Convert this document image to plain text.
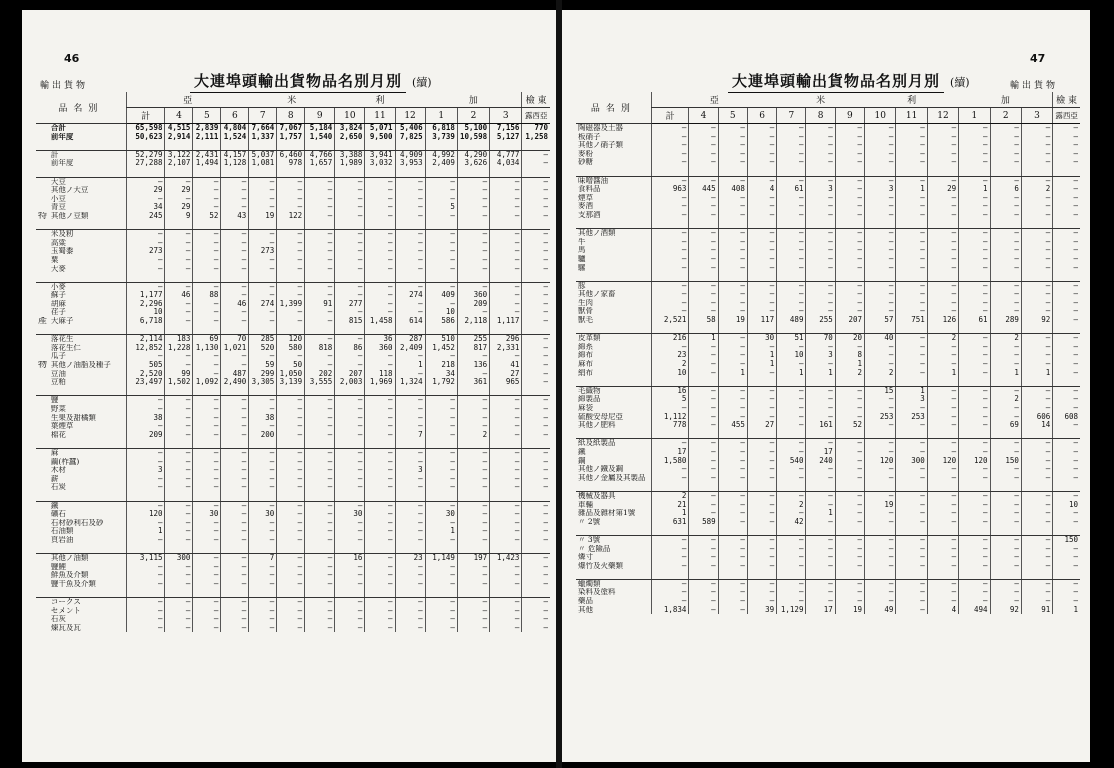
46
輸出貨物	大連埠頭輸出貨物品名別月別 (續)
品名別		亞				米			利			加			檢 東
		計	4	5	6	7	8	9	10	11	12	1	2	3	露西亞
	合計	65,598	4,515	2,839	4,804	7,664	7,067	5,184	3,824	5,071	5,406	6,818	5,100	7,156	770
	前年度	50,623	2,914	2,111	1,524	1,337	1,757	1,540	2,650	9,500	7,825	3,739	10,598	5,127	1,258

	計	52,279	3,122	2,431	4,157	5,037	6,460	4,766	3,388	3,941	4,909	4,992	4,290	4,777	—
	前年度	27,288	2,107	1,494	1,128	1,081	978	1,657	1,989	3,032	3,953	2,409	3,626	4,034	—

	大豆	—	—	—	—	—	—	—	—	—	—	—	—	—	—
	其他ノ大豆	29	29	—	—	—	—	—	—	—	—	—	—	—	—
	小豆	—	—	—	—	—	—	—	—	—	—	—	—	—	—
	青豆	34	29	—	—	—	—	—	—	—	—	5	—	—	—
特	其他ノ豆類	245	9	52	43	19	122	—	—	—	—	—	—	—	—

	米及籾	—	—	—	—	—	—	—	—	—	—	—	—	—	—
	高粱	—	—	—	—	—	—	—	—	—	—	—	—	—	—
	玉蜀黍	273	—	—	—	273	—	—	—	—	—	—	—	—	—
	粟	—	—	—	—	—	—	—	—	—	—	—	—	—	—
	大麥	—	—	—	—	—	—	—	—	—	—	—	—	—	—

	小麥	—	—	—	—	—	—	—	—	—	—	—	—	—	—
	蘇子	1,177	46	88	—	—	—	—	—	—	274	409	360	—	—
	胡麻	2,296	—	—	46	274	1,399	91	277	—	—	—	209	—	—
	荏子	10	—	—	—	—	—	—	—	—	—	10	—	—	—
產	大麻子	6,718	—	—	—	—	—	—	815	1,458	614	586	2,118	1,117	—

	落花生	2,114	183	69	70	285	120	—	—	36	287	510	255	296	—
	落花生仁	12,852	1,228	1,130	1,021	520	580	818	86	360	2,409	1,452	817	2,331	—
	瓜子	—	—	—	—	—	—	—	—	—	—	—	—	—	—
物	其他ノ油脂及種子	505	—	—	—	59	50	—	—	—	1	218	136	41	—
	豆油	2,520	99	—	487	299	1,050	202	207	118	—	34	—	27	—
	豆粕	23,497	1,502	1,092	2,490	3,305	3,139	3,555	2,003	1,969	1,324	1,792	361	965	—

	鹽	—	—	—	—	—	—	—	—	—	—	—	—	—	—
	野菜	—	—	—	—	—	—	—	—	—	—	—	—	—	—
	生果及甜橘類	38	—	—	—	38	—	—	—	—	—	—	—	—	—
	葉煙草	—	—	—	—	—	—	—	—	—	—	—	—	—	—
	棉花	209	—	—	—	200	—	—	—	—	7	—	2	—	—

	麻	—	—	—	—	—	—	—	—	—	—	—	—	—	—
	繭(柞蠶)	—	—	—	—	—	—	—	—	—	—	—	—	—	—
	木材	3	—	—	—	—	—	—	—	—	3	—	—	—	—
	薪	—	—	—	—	—	—	—	—	—	—	—	—	—	—
	石炭	—	—	—	—	—	—	—	—	—	—	—	—	—	—

	鐵	—	—	—	—	—	—	—	—	—	—	—	—	—	—
	礦石	120	—	30	—	30	—	—	30	—	—	30	—	—	—
	石材砂利石及砂	—	—	—	—	—	—	—	—	—	—	—	—	—	—
	石油類	1	—	—	—	—	—	—	—	—	—	1	—	—	—
	頁岩油	—	—	—	—	—	—	—	—	—	—	—	—	—	—

	其他ノ油類	3,115	300	—	—	7	—	—	16	—	23	1,149	197	1,423	—
	鹽鯉	—	—	—	—	—	—	—	—	—	—	—	—	—	—
	鮮魚及介類	—	—	—	—	—	—	—	—	—	—	—	—	—	—
	鹽干魚及介類	—	—	—	—	—	—	—	—	—	—	—	—	—	—

	コークス	—	—	—	—	—	—	—	—	—	—	—	—	—	—
	セメント	—	—	—	—	—	—	—	—	—	—	—	—	—	—
	石灰	—	—	—	—	—	—	—	—	—	—	—	—	—	—
	煉瓦及瓦	—	—	—	—	—	—	—	—	—	—	—	—	—	—
47
輸出貨物
大連埠頭輸出貨物品名別月別 (續)
品名別	亞				米			利			加			檢 東
	計	4	5	6	7	8	9	10	11	12	1	2	3	露西亞
陶磁器及土器	—	—	—	—	—	—	—	—	—	—	—	—	—	—
板硝子	—	—	—	—	—	—	—	—	—	—	—	—	—	—
其他ノ硝子類	—	—	—	—	—	—	—	—	—	—	—	—	—	—
麥粉	—	—	—	—	—	—	—	—	—	—	—	—	—	—
砂糖	—	—	—	—	—	—	—	—	—	—	—	—	—	—

味噌醬油	—	—	—	—	—	—	—	—	—	—	—	—	—	—
食料品	963	445	408	4	61	3	—	3	1	29	1	6	2	—
煙草	—	—	—	—	—	—	—	—	—	—	—	—	—	—
麥酒	—	—	—	—	—	—	—	—	—	—	—	—	—	—
支那酒	—	—	—	—	—	—	—	—	—	—	—	—	—	—

其他ノ酒類	—	—	—	—	—	—	—	—	—	—	—	—	—	—
牛	—	—	—	—	—	—	—	—	—	—	—	—	—	—
馬	—	—	—	—	—	—	—	—	—	—	—	—	—	—
驢	—	—	—	—	—	—	—	—	—	—	—	—	—	—
騾	—	—	—	—	—	—	—	—	—	—	—	—	—	—

豚	—	—	—	—	—	—	—	—	—	—	—	—	—	—
其他ノ家畜	—	—	—	—	—	—	—	—	—	—	—	—	—	—
生肉	—	—	—	—	—	—	—	—	—	—	—	—	—	—
獸骨	—	—	—	—	—	—	—	—	—	—	—	—	—	—
獸毛	2,521	58	19	117	489	255	207	57	751	126	61	289	92	—

皮革類	216	1	—	30	51	70	20	40	—	2	—	2	—	—
綿糸	—	—	—	—	—	—	—	—	—	—	—	—	—	—
綿布	23	—	—	1	10	3	8	—	—	—	—	—	—	—
麻布	2	—	—	1	—	—	1	—	—	—	—	—	—	—
絹布	10	—	1	—	1	1	2	2	—	1	—	1	1	—

毛織物	16	—	—	—	—	—	—	15	1	—	—	—	—	—
綿製品	5	—	—	—	—	—	—	—	3	—	—	2	—	—
麻袋	—	—	—	—	—	—	—	—	—	—	—	—	—	—
硫酸安母尼亞	1,112	—	—	—	—	—	—	253	253	—	—	—	606	608
其他ノ肥料	778	—	455	27	—	161	52	—	—	—	—	69	14	—

紙及紙製品	—	—	—	—	—	—	—	—	—	—	—	—	—	—
鐵	17	—	—	—	—	17	—	—	—	—	—	—	—	—
鋼	1,580	—	—	—	540	240	—	120	300	120	120	150	—	—
其他ノ鐵及鋼	—	—	—	—	—	—	—	—	—	—	—	—	—	—
其他ノ金屬及其製品	—	—	—	—	—	—	—	—	—	—	—	—	—	—

機械及器具	2	—	—	—	—	—	—	—	—	—	—	—	—	—
車輛	21	—	—	—	2	—	—	19	—	—	—	—	—	10
雜品及雜材第1號	1	—	—	—	—	1	—	—	—	—	—	—	—	—
〃 2號	631	589	—	—	42	—	—	—	—	—	—	—	—	—

〃 3號	—	—	—	—	—	—	—	—	—	—	—	—	—	150
〃 危險品	—	—	—	—	—	—	—	—	—	—	—	—	—	—
燐寸	—	—	—	—	—	—	—	—	—	—	—	—	—	—
爆竹及火藥類	—	—	—	—	—	—	—	—	—	—	—	—	—	—

蠟燭類	—	—	—	—	—	—	—	—	—	—	—	—	—	—
染料及塗料	—	—	—	—	—	—	—	—	—	—	—	—	—	—
藥品	—	—	—	—	—	—	—	—	—	—	—	—	—	—
其他	1,834	—	—	39	1,129	17	19	49	—	4	494	92	91	1
